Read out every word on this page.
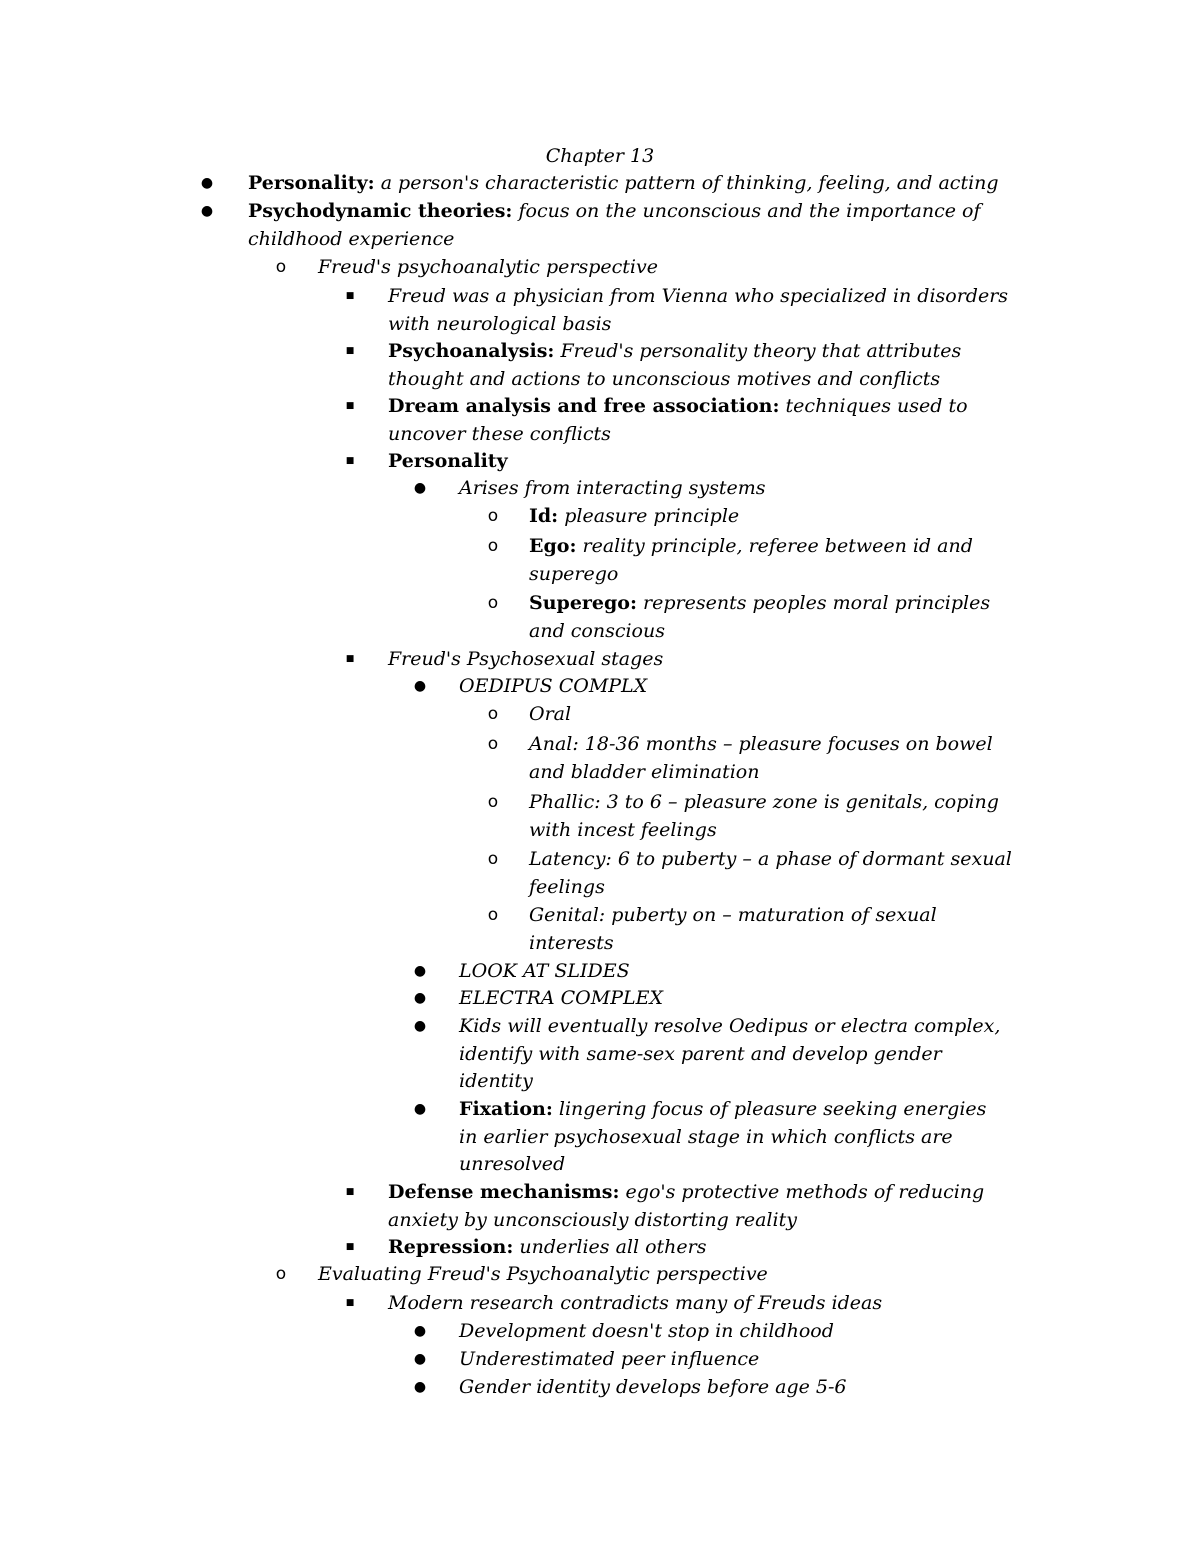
Chapter 13
● Personality: a person's characteristic pattern of thinking, feeling, and acting
● Psychodynamic theories: focus on the unconscious and the importance of childhood experience
o Freud's psychoanalytic perspective
■ Freud was a physician from Vienna who specialized in disorders with neurological basis
■ Psychoanalysis: Freud's personality theory that attributes thought and actions to unconscious motives and conflicts
■ Dream analysis and free association: techniques used to uncover these conflicts
■ Personality
● Arises from interacting systems
o Id: pleasure principle
o Ego: reality principle, referee between id and superego
o Superego: represents peoples moral principles and conscious
■ Freud's Psychosexual stages
● OEDIPUS COMPLX
o Oral
o Anal: 18-36 months – pleasure focuses on bowel and bladder elimination
o Phallic: 3 to 6 – pleasure zone is genitals, coping with incest feelings
o Latency: 6 to puberty – a phase of dormant sexual feelings
o Genital: puberty on – maturation of sexual interests
● LOOK AT SLIDES
● ELECTRA COMPLEX
● Kids will eventually resolve Oedipus or electra complex, identify with same-sex parent and develop gender identity
● Fixation: lingering focus of pleasure seeking energies in earlier psychosexual stage in which conflicts are unresolved
■ Defense mechanisms: ego's protective methods of reducing anxiety by unconsciously distorting reality
■ Repression: underlies all others
o Evaluating Freud's Psychoanalytic perspective
■ Modern research contradicts many of Freuds ideas
● Development doesn't stop in childhood
● Underestimated peer influence
● Gender identity develops before age 5-6
